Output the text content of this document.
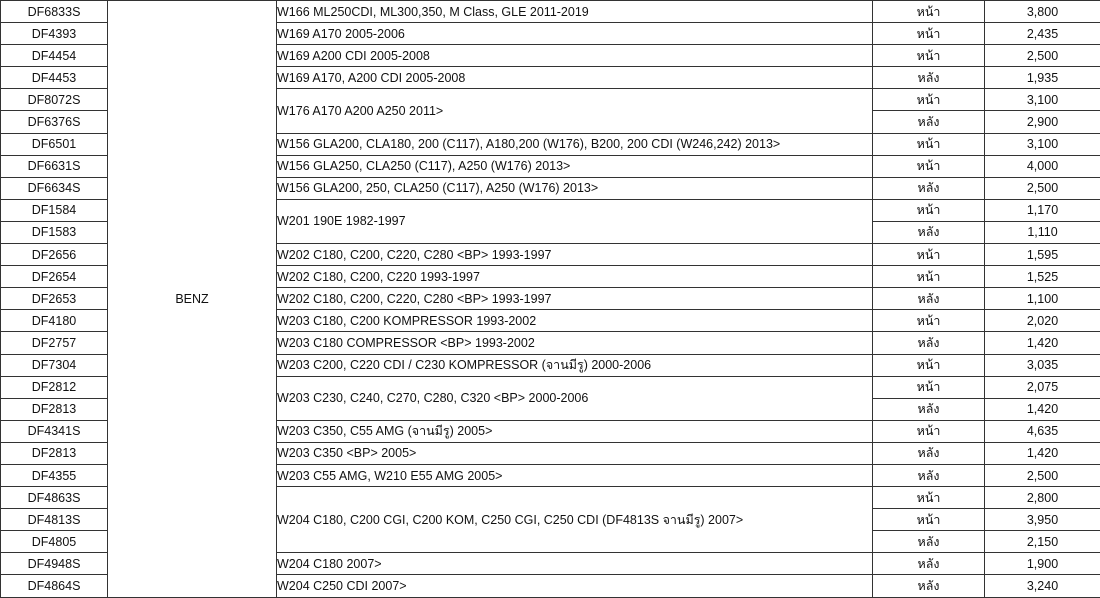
DF6833S	BENZ	W166 ML250CDI, ML300,350, M Class, GLE 2011-2019	หน้า	3,800
DF4393		W169 A170 2005-2006	หน้า	2,435
DF4454		W169 A200 CDI 2005-2008	หน้า	2,500
DF4453		W169 A170, A200 CDI 2005-2008	หลัง	1,935
DF8072S		W176 A170 A200 A250 2011>	หน้า	3,100
DF6376S			หลัง	2,900
DF6501		W156 GLA200, CLA180, 200 (C117), A180,200 (W176), B200, 200 CDI (W246,242) 2013>	หน้า	3,100
DF6631S		W156 GLA250, CLA250 (C117), A250 (W176) 2013>	หน้า	4,000
DF6634S		W156 GLA200, 250, CLA250 (C117), A250 (W176) 2013>	หลัง	2,500
DF1584		W201 190E 1982-1997	หน้า	1,170
DF1583			หลัง	1,110
DF2656		W202 C180, C200, C220, C280 <BP> 1993-1997	หน้า	1,595
DF2654		W202 C180, C200, C220 1993-1997	หน้า	1,525
DF2653		W202 C180, C200, C220, C280 <BP> 1993-1997	หลัง	1,100
DF4180		W203 C180, C200 KOMPRESSOR 1993-2002	หน้า	2,020
DF2757		W203 C180 COMPRESSOR <BP> 1993-2002	หลัง	1,420
DF7304		W203 C200, C220 CDI / C230 KOMPRESSOR (จานมีรู) 2000-2006	หน้า	3,035
DF2812		W203 C230, C240, C270, C280, C320 <BP> 2000-2006	หน้า	2,075
DF2813			หลัง	1,420
DF4341S		W203 C350, C55 AMG (จานมีรู) 2005>	หน้า	4,635
DF2813		W203 C350 <BP> 2005>	หลัง	1,420
DF4355		W203 C55 AMG, W210 E55 AMG 2005>	หลัง	2,500
DF4863S		W204 C180, C200 CGI, C200 KOM, C250 CGI, C250 CDI (DF4813S จานมีรู) 2007>	หน้า	2,800
DF4813S			หน้า	3,950
DF4805			หลัง	2,150
DF4948S		W204 C180 2007>	หลัง	1,900
DF4864S		W204 C250 CDI 2007>	หลัง	3,240
